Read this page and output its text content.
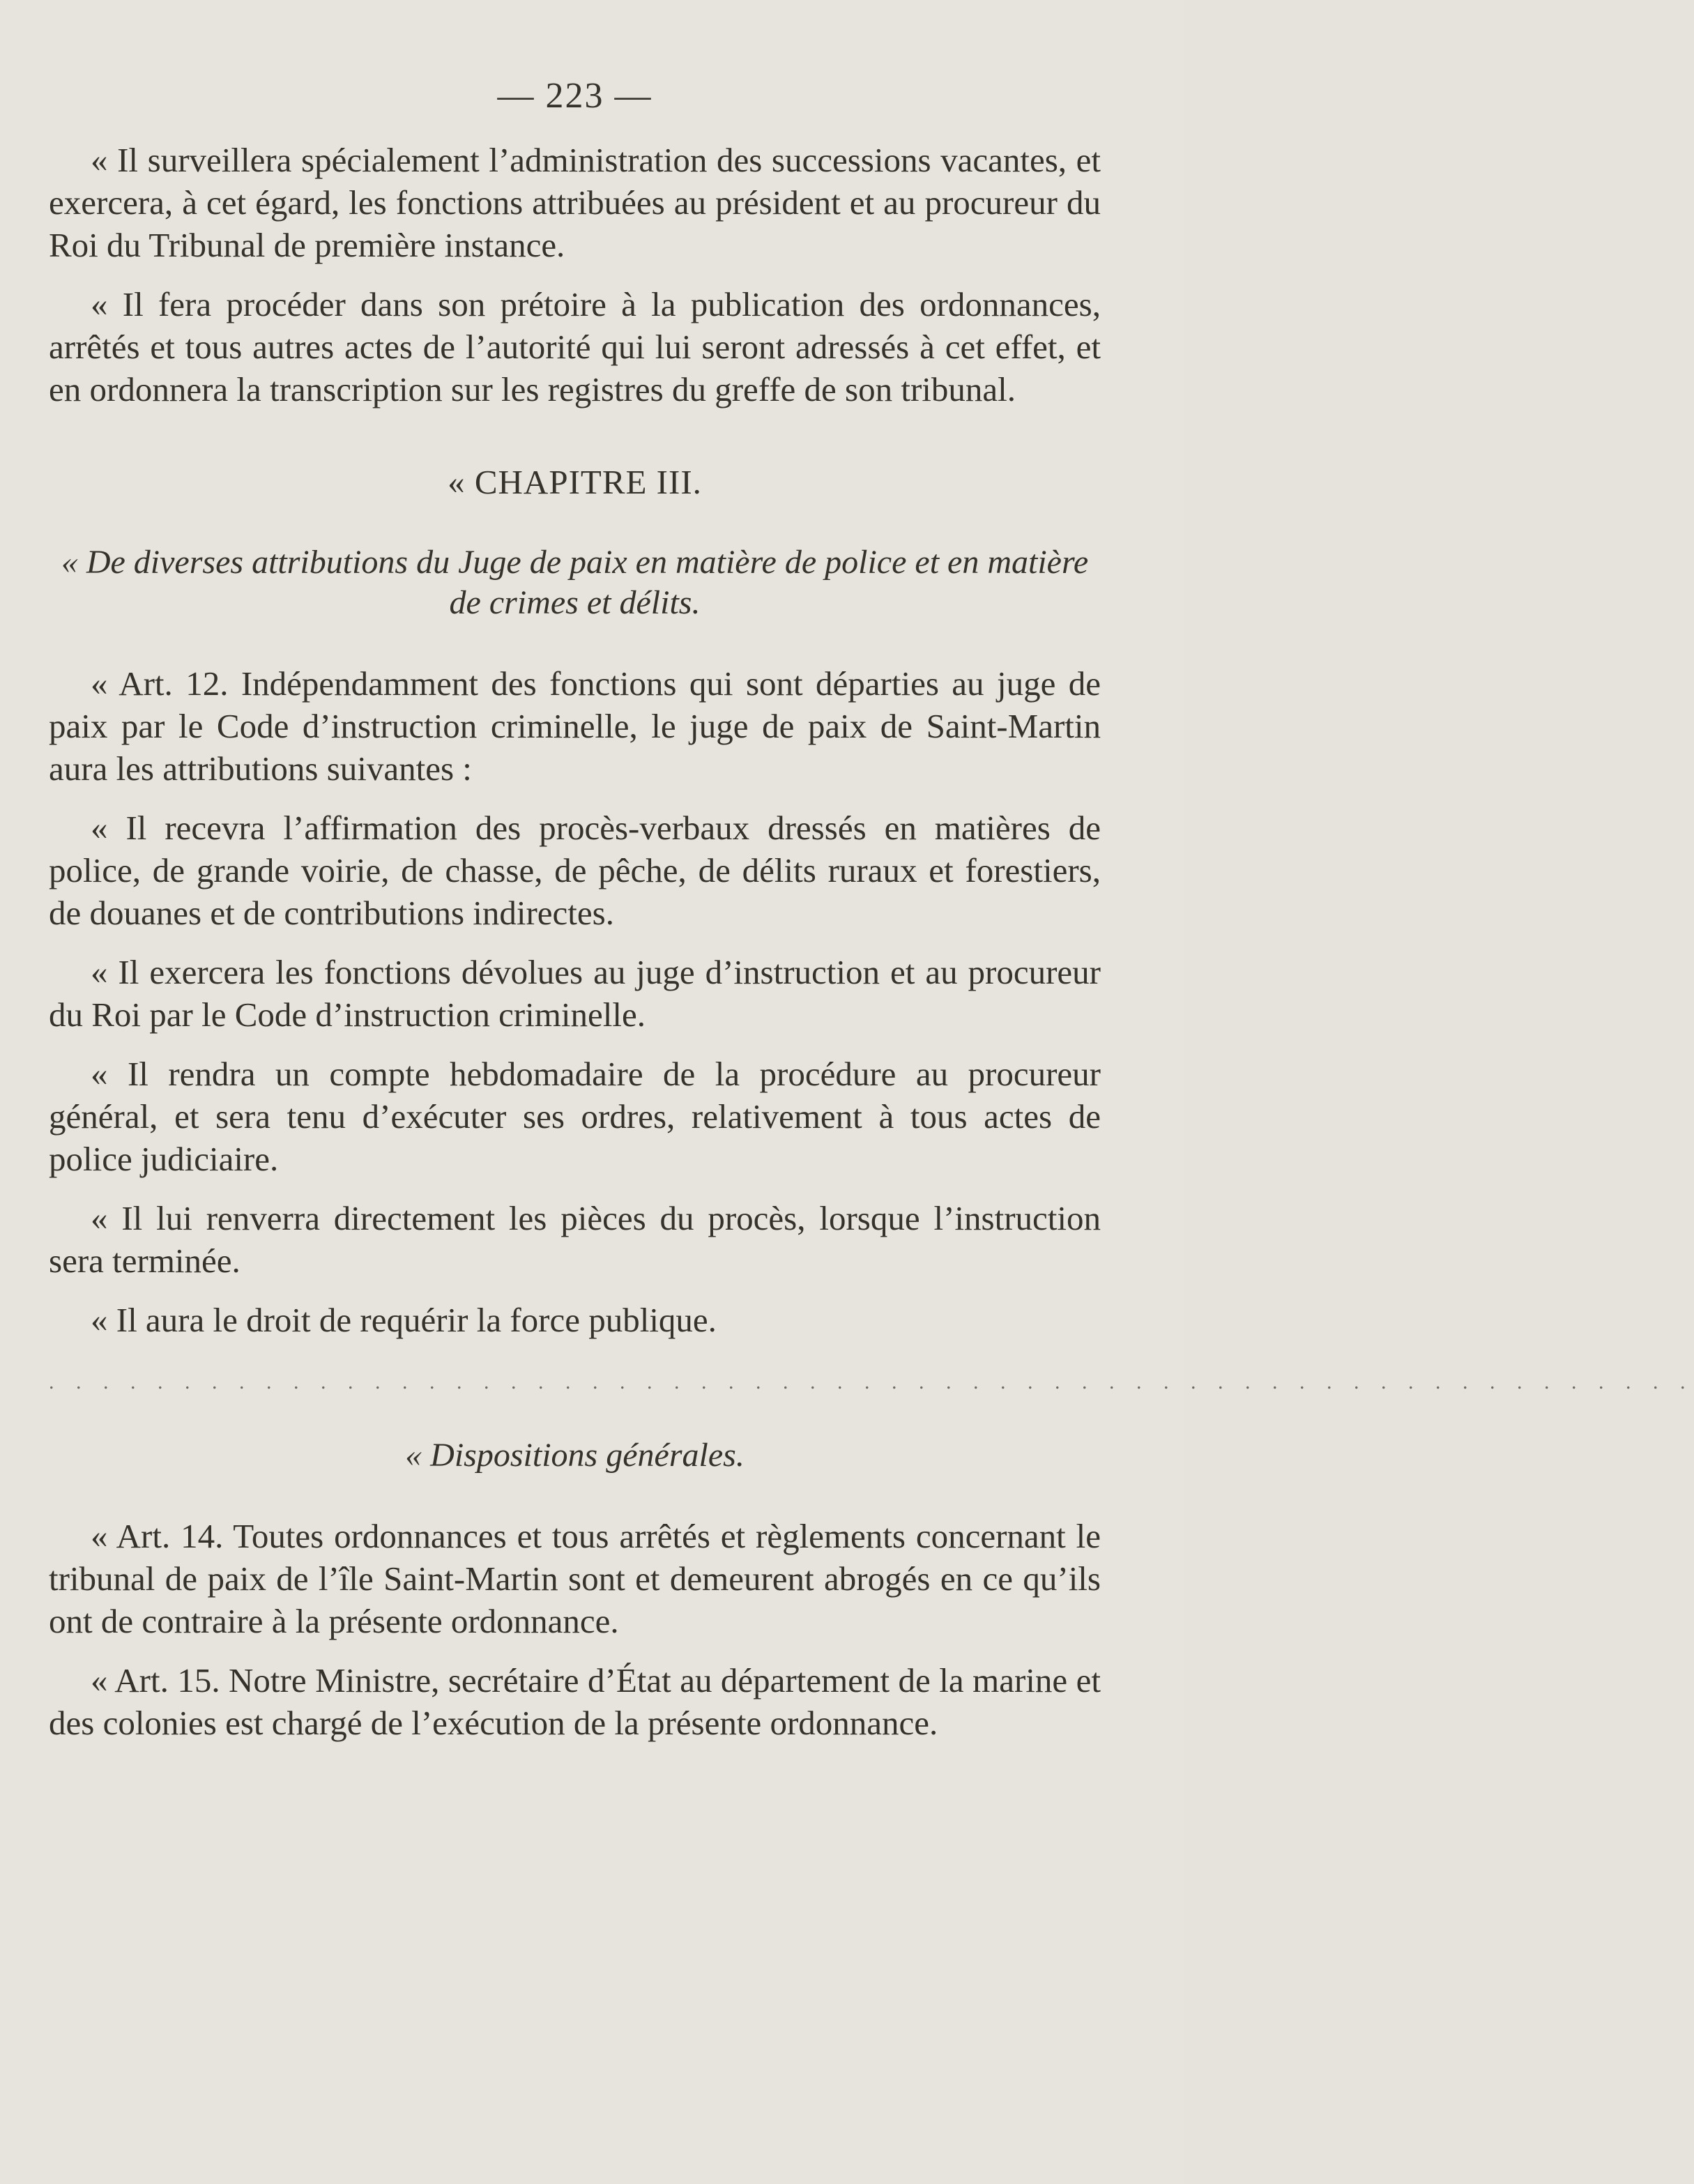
— 223 —

« Il surveillera spécialement l’administration des successions vacantes, et exercera, à cet égard, les fonctions attribuées au président et au procureur du Roi du Tribunal de première instance.

« Il fera procéder dans son prétoire à la publication des ordonnances, arrêtés et tous autres actes de l’autorité qui lui seront adressés à cet effet, et en ordonnera la transcription sur les registres du greffe de son tribunal.

« CHAPITRE III.
« De diverses attributions du Juge de paix en matière de police et en matière de crimes et délits.

« Art. 12. Indépendamment des fonctions qui sont départies au juge de paix par le Code d’instruction criminelle, le juge de paix de Saint-Martin aura les attributions suivantes :

« Il recevra l’affirmation des procès-verbaux dressés en matières de police, de grande voirie, de chasse, de pêche, de délits ruraux et forestiers, de douanes et de contributions indirectes.

« Il exercera les fonctions dévolues au juge d’instruction et au procureur du Roi par le Code d’instruction criminelle.

« Il rendra un compte hebdomadaire de la procédure au procureur général, et sera tenu d’exécuter ses ordres, relativement à tous actes de police judiciaire.

« Il lui renverra directement les pièces du procès, lorsque l’instruction sera terminée.

« Il aura le droit de requérir la force publique.

. . . . . . . . . . . . . . . . . . . . . . . . . . . . . . . . . . . . . . . . . . . . . . . . . . . . . . . . . . . . .
« Dispositions générales.

« Art. 14. Toutes ordonnances et tous arrêtés et règlements concernant le tribunal de paix de l’île Saint-Martin sont et demeurent abrogés en ce qu’ils ont de contraire à la présente ordonnance.

« Art. 15. Notre Ministre, secrétaire d’État au département de la marine et des colonies est chargé de l’exécution de la présente ordonnance.
